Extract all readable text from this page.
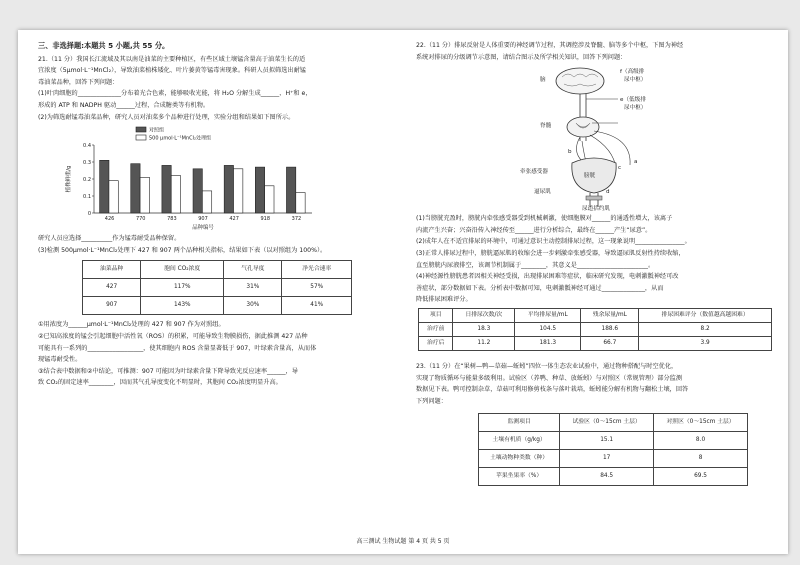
三、非选择题:本题共 5 小题,共 55 分。

21.（11 分）我国长江流域及其以南是油菜的主要种植区，有些区域土壤锰含量高于油菜生长的适

宜浓度（5μmol·L⁻¹MnCl₂），导致油菜植株矮化、叶片萎黄等锰毒害现象。科研人员拟筛选出耐锰

毒油菜品种，回答下列问题：

(1)叶肉细胞的______________分布着光合色素，能够吸收光能，将 H₂O 分解生成______、H⁺和 e，

形成的 ATP 和 NADPH 驱动______过程，合成糖类等有机物。

(2)为筛选耐锰毒油菜品种，研究人员对油菜多个品种进行处理，实验分组和结果如下图所示。

0
0.1
0.2
0.3
0.4
植株鲜重/g
426	770	783	907	427	918	372
品种编号
对照组
500 μmol·L⁻¹MnCl₂处理组

研究人员应选择__________作为锰毒耐受品种保留。

(3)检测 500μmol·L⁻¹MnCl₂处理下 427 和 907 两个品种相关指标，结果如下表（以对照组为 100%）。

油菜品种	胞间 CO₂浓度	气孔导度	净光合速率
427	117%	31%	57%
907	143%	30%	41%

①用浓度为______μmol·L⁻¹MnCl₂处理的 427 和 907 作为对照组。

②已知高浓度的锰会引起细胞中活性氧（ROS）的积累，可能导致生物膜损伤，据此推测 427 品种

可能具有一系列的__________________，使其细胞内 ROS 含量显著低于 907，叶绿素含量高，从而体

现锰毒耐受性。

③结合表中数据和②中结论，可推测：907 可能因为叶绿素含量下降导致光反应速率______，导

致 CO₂的固定速率________，因而其气孔导度变化不明显时，其胞间 CO₂浓度明显升高。

22.（11 分）排尿反射是人体重要的神经调节过程，其调控涉及脊髓、脑等多个中枢，下图为神经

系统对排尿的分级调节示意图，请结合图示及所学相关知识，回答下列问题：

脑
f（高级排
尿中枢）
e（低级排
尿中枢）
脊髓
牵张感受器
膀胱
逼尿肌
尿道括约肌
a
b
c
d

(1)当膀胱充盈时，膀胱内牵张感受器受到机械刺激，使细胞膜对______的通透性增大，该离子

内流产生兴奋；兴奋沿传入神经传至______进行分析综合，最终在______产生“尿意”。

(2)成年人在不适宜排尿的环境中，可通过意识主动控制排尿过程，这一现象说明________________。

(3)正常人排尿过程中，膀胱逼尿肌的收缩会进一步刺激牵张感受器，导致逼尿肌反射性持续收缩，

直至膀胱内尿液排空，该调节机制属于________，其意义是_______________________。

(4)神经源性膀胱患者因相关神经受损，出现排尿困难等症状，临床研究发现，电刺激骶神经可改

善症状，部分数据如下表。分析表中数据可知，电刺激骶神经可通过______________，从而

降低排尿困难评分。

项目	日排尿次数/次	平均排尿量/mL	残余尿量/mL	排尿困难评分（数值越高越困难）
治疗前	18.3	104.5	188.6	8.2
治疗后	11.2	181.3	66.7	3.9

23.（11 分）在“果树—鸭—草菇—蚯蚓”四位一体生态农业试验中，通过物种搭配与时空优化，

实现了物质循环与能量多级利用。试验区（养鸭、种草、放蚯蚓）与对照区（常规管理）部分监测

数据见下表。鸭可控制杂草，草菇可利用修剪枝条与落叶栽培，蚯蚓能分解有机物与翻松土壤，回答

下列问题：

监测项目	试验区（0～15cm 土层）	对照区（0～15cm 土层）
土壤有机质（g/kg）	15.1	8.0
土壤动物种类数（种）	17	8
苹果坐果率（%）	84.5	69.5
高三测试 生物试题 第 4 页 共 5 页
